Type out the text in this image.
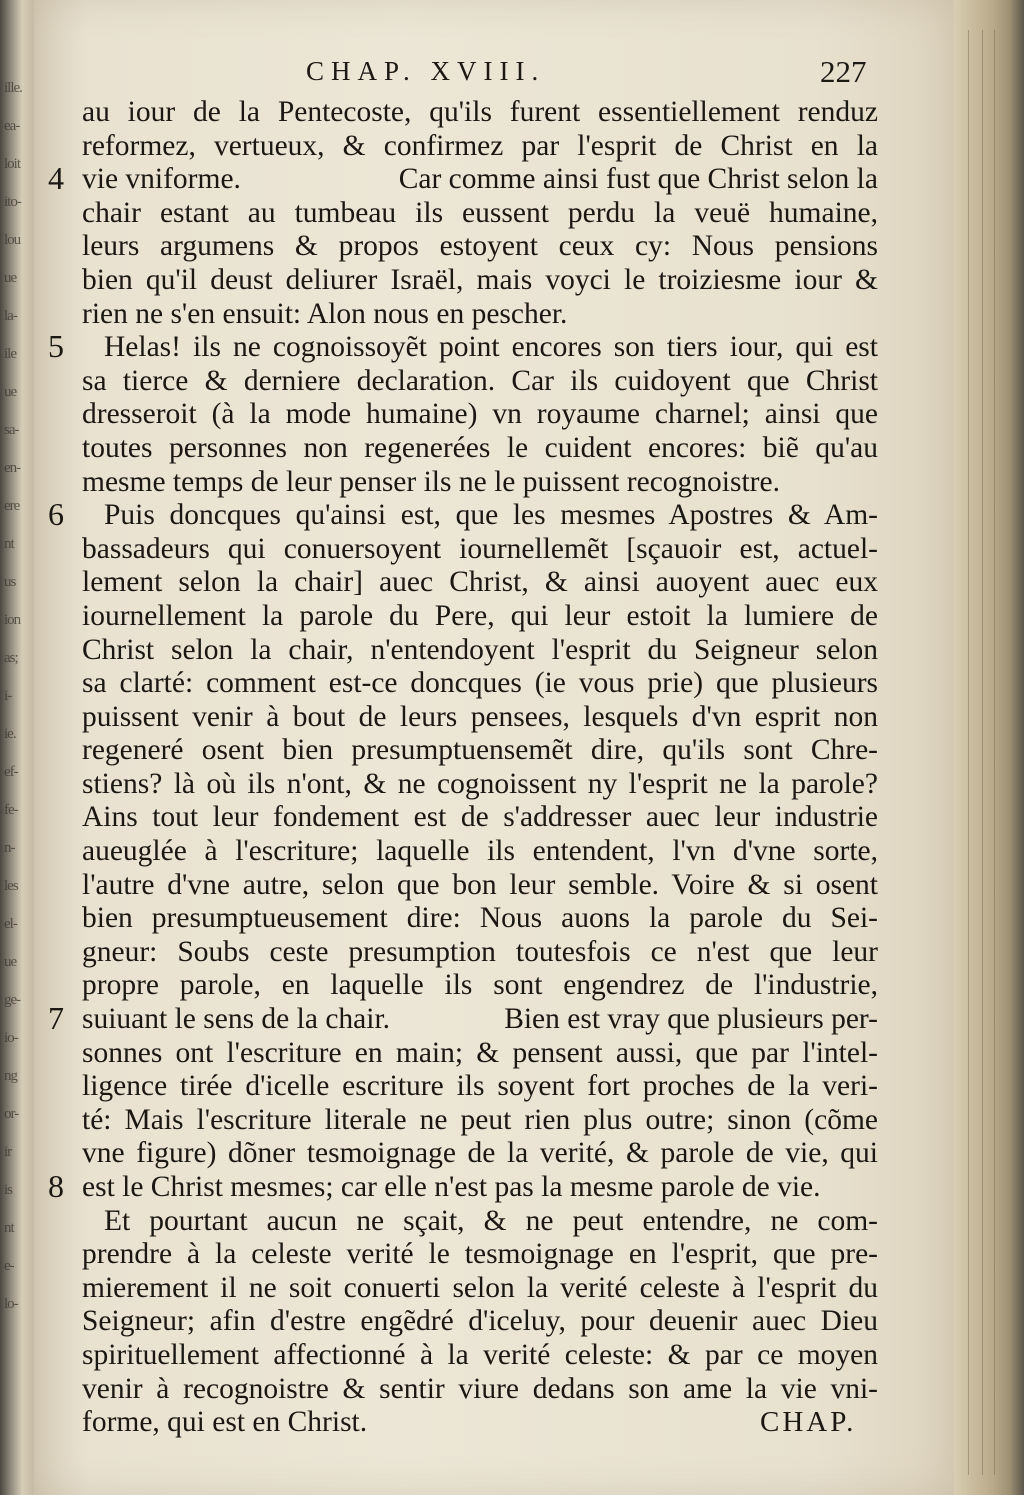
ille.
ea-
loit
ito-
lou
ue
la-
ile
ue
sa-
en-
ere
nt
us
ion
as;
i-
ie.
ef-
fe-
n-
les
el-
ue
ge-
io-
ng
or-
ir
is
nt
e-
lo-
CHAP. XVIII.	227
4
5
6
7
8
au iour de la Pentecoste, qu'ils furent essentiellement renduz
reformez, vertueux, & confirmez par l'esprit de Christ en la
vie vniforme.	Car comme ainsi fust que Christ selon la
chair estant au tumbeau ils eussent perdu la veuë humaine,
leurs argumens & propos estoyent ceux cy: Nous pensions
bien qu'il deust deliurer Israël, mais voyci le troiziesme iour &
rien ne s'en ensuit: Alon nous en pescher.
Helas! ils ne cognoissoyẽt point encores son tiers iour, qui est
sa tierce & derniere declaration. Car ils cuidoyent que Christ
dresseroit (à la mode humaine) vn royaume charnel; ainsi que
toutes personnes non regenerées le cuident encores: biẽ qu'au
mesme temps de leur penser ils ne le puissent recognoistre.
Puis doncques qu'ainsi est, que les mesmes Apostres & Am-
bassadeurs qui conuersoyent iournellemẽt [sçauoir est, actuel-
lement selon la chair] auec Christ, & ainsi auoyent auec eux
iournellement la parole du Pere, qui leur estoit la lumiere de
Christ selon la chair, n'entendoyent l'esprit du Seigneur selon
sa clarté: comment est-ce doncques (ie vous prie) que plusieurs
puissent venir à bout de leurs pensees, lesquels d'vn esprit non
regeneré osent bien presumptuensemẽt dire, qu'ils sont Chre-
stiens? là où ils n'ont, & ne cognoissent ny l'esprit ne la parole?
Ains tout leur fondement est de s'addresser auec leur industrie
aueuglée à l'escriture; laquelle ils entendent, l'vn d'vne sorte,
l'autre d'vne autre, selon que bon leur semble. Voire & si osent
bien presumptueusement dire: Nous auons la parole du Sei-
gneur: Soubs ceste presumption toutesfois ce n'est que leur
propre parole, en laquelle ils sont engendrez de l'industrie,
suiuant le sens de la chair.	Bien est vray que plusieurs per-
sonnes ont l'escriture en main; & pensent aussi, que par l'intel-
ligence tirée d'icelle escriture ils soyent fort proches de la veri-
té: Mais l'escriture literale ne peut rien plus outre; sinon (cõme
vne figure) dõner tesmoignage de la verité, & parole de vie, qui
est le Christ mesmes; car elle n'est pas la mesme parole de vie.
Et pourtant aucun ne sçait, & ne peut entendre, ne com-
prendre à la celeste verité le tesmoignage en l'esprit, que pre-
mierement il ne soit conuerti selon la verité celeste à l'esprit du
Seigneur; afin d'estre engẽdré d'iceluy, pour deuenir auec Dieu
spirituellement affectionné à la verité celeste: & par ce moyen
venir à recognoistre & sentir viure dedans son ame la vie vni-
forme, qui est en Christ.	CHAP.
